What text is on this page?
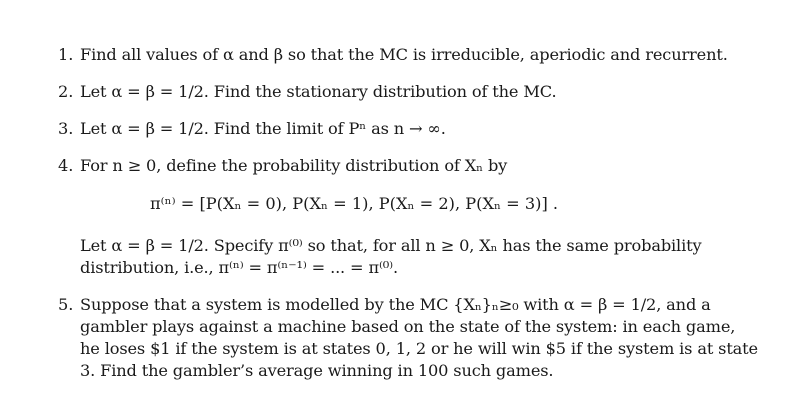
1. Find all values of α and β so that the MC is irreducible, aperiodic and recurrent.
2. Let α = β = 1/2. Find the stationary distribution of the MC.
3. Let α = β = 1/2. Find the limit of Pⁿ as n → ∞.
4. For n ≥ 0, define the probability distribution of Xₙ by
π⁽ⁿ⁾ = [P(Xₙ = 0), P(Xₙ = 1), P(Xₙ = 2), P(Xₙ = 3)] .
Let α = β = 1/2. Specify π⁽⁰⁾ so that, for all n ≥ 0, Xₙ has the same probability
distribution, i.e., π⁽ⁿ⁾ = π⁽ⁿ⁻¹⁾ = ... = π⁽⁰⁾.
5. Suppose that a system is modelled by the MC {Xₙ}ₙ≥₀ with α = β = 1/2, and a
gambler plays against a machine based on the state of the system: in each game,
he loses $1 if the system is at states 0, 1, 2 or he will win $5 if the system is at state
3. Find the gambler’s average winning in 100 such games.
